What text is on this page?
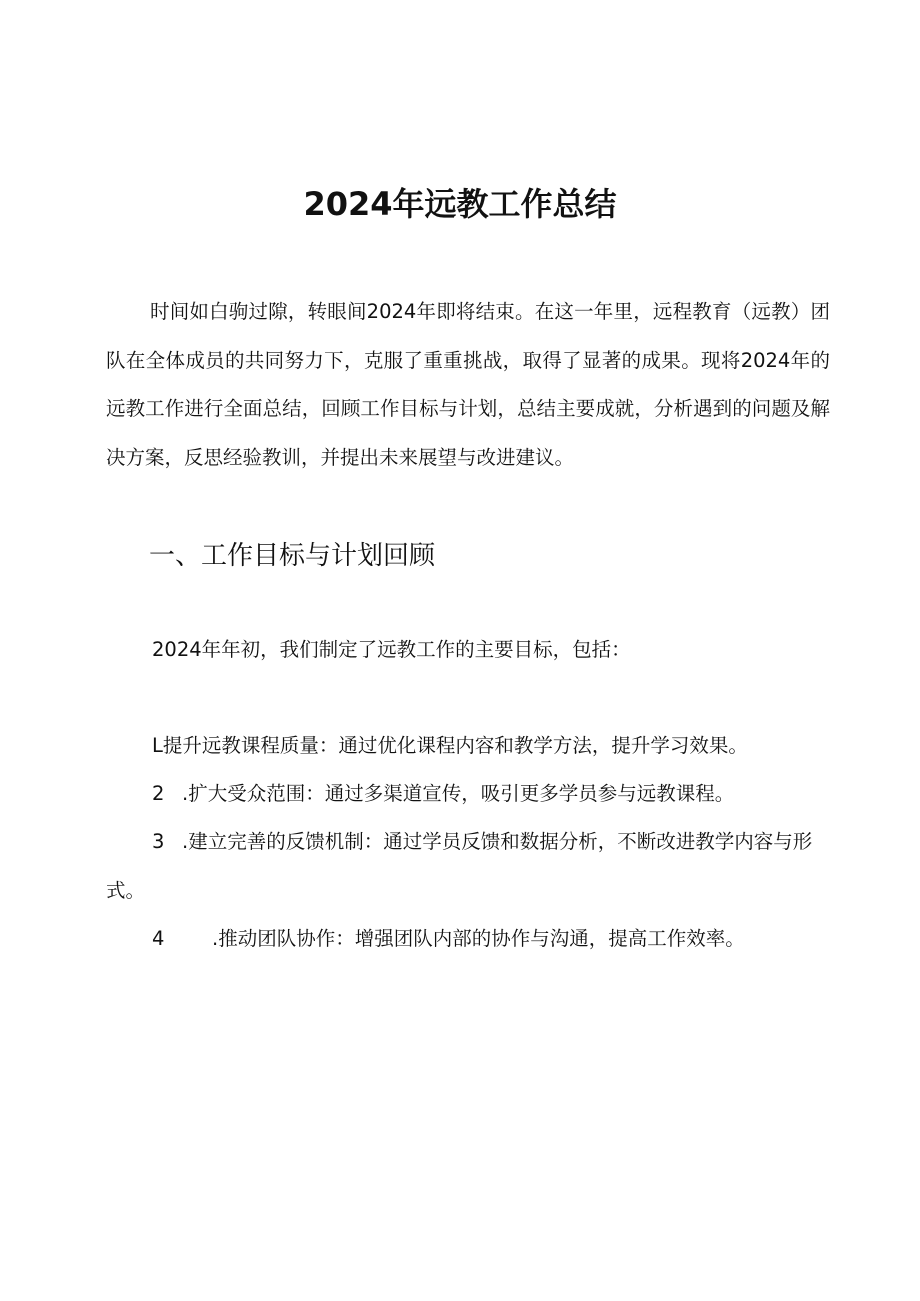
2024年远教工作总结

时间如白驹过隙，转眼间2024年即将结束。在这一年里，远程教育（远教）团队在全体成员的共同努力下，克服了重重挑战，取得了显著的成果。现将2024年的远教工作进行全面总结，回顾工作目标与计划，总结主要成就，分析遇到的问题及解决方案，反思经验教训，并提出未来展望与改进建议。

一、工作目标与计划回顾

2024年年初，我们制定了远教工作的主要目标，包括：

L提升远教课程质量：通过优化课程内容和教学方法，提升学习效果。

2 .扩大受众范围：通过多渠道宣传，吸引更多学员参与远教课程。

3 .建立完善的反馈机制：通过学员反馈和数据分析，不断改进教学内容与形式。

4 .推动团队协作：增强团队内部的协作与沟通，提高工作效率。
